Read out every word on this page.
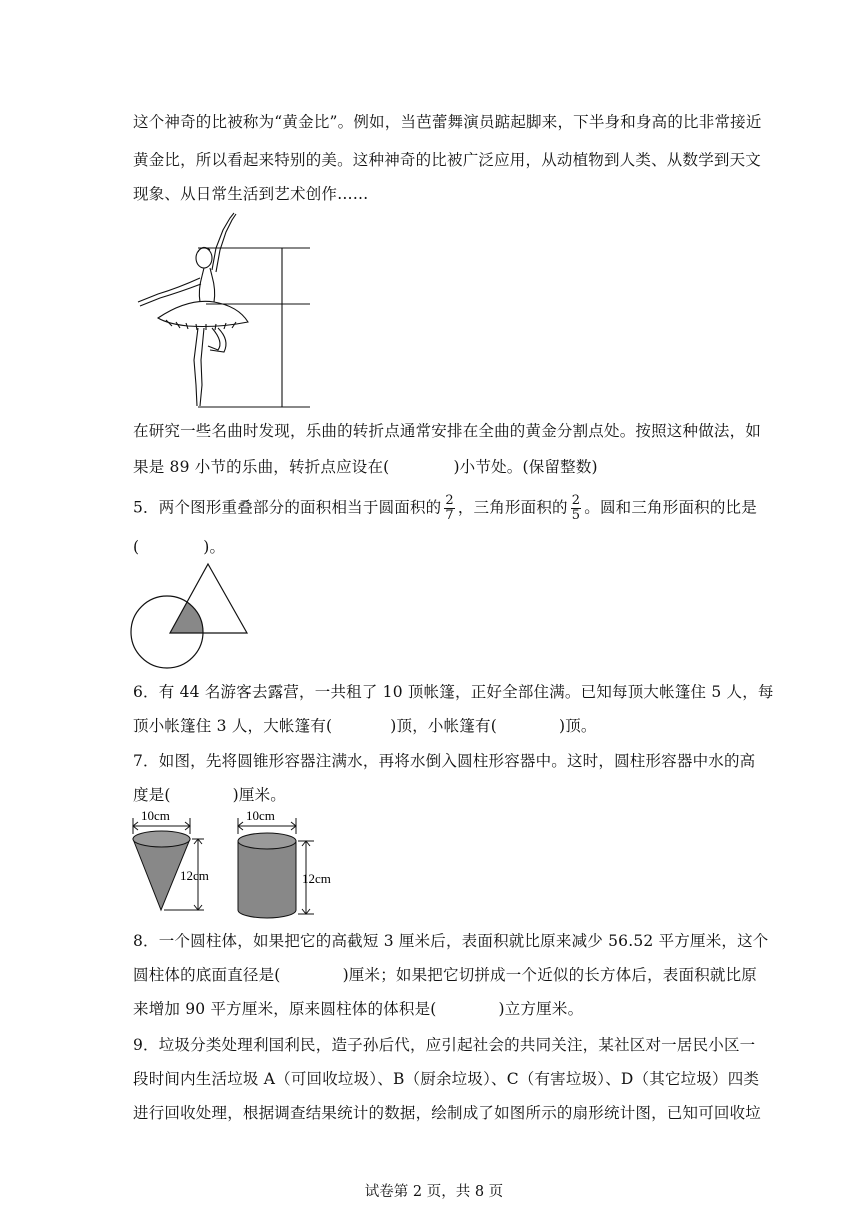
这个神奇的比被称为“黄金比”。例如，当芭蕾舞演员踮起脚来，下半身和身高的比非常接近
黄金比，所以看起来特别的美。这种神奇的比被广泛应用，从动植物到人类、从数学到天文
现象、从日常生活到艺术创作……
在研究一些名曲时发现，乐曲的转折点通常安排在全曲的黄金分割点处。按照这种做法，如
果是 89 小节的乐曲，转折点应设在(	)小节处。(保留整数)
5．两个图形重叠部分的面积相当于圆面积的 $\frac{2}{7}$ ，三角形面积的 $\frac{2}{5}$ 。圆和三角形面积的比是
(	)。
6．有 44 名游客去露营，一共租了 10 顶帐篷，正好全部住满。已知每顶大帐篷住 5 人，每
顶小帐篷住 3 人，大帐篷有(	)顶，小帐篷有(	)顶。
7．如图，先将圆锥形容器注满水，再将水倒入圆柱形容器中。这时，圆柱形容器中水的高
度是(	)厘米。
10cm
12cm
10cm
12cm
8．一个圆柱体，如果把它的高截短 3 厘米后，表面积就比原来减少 56.52 平方厘米，这个
圆柱体的底面直径是(	)厘米；如果把它切拼成一个近似的长方体后，表面积就比原
来增加 90 平方厘米，原来圆柱体的体积是(	)立方厘米。
9．垃圾分类处理利国利民，造子孙后代，应引起社会的共同关注，某社区对一居民小区一
段时间内生活垃圾 A（可回收垃圾）、B（厨余垃圾）、C（有害垃圾）、D（其它垃圾）四类
进行回收处理，根据调查结果统计的数据，绘制成了如图所示的扇形统计图，已知可回收垃
试卷第 2 页，共 8 页
